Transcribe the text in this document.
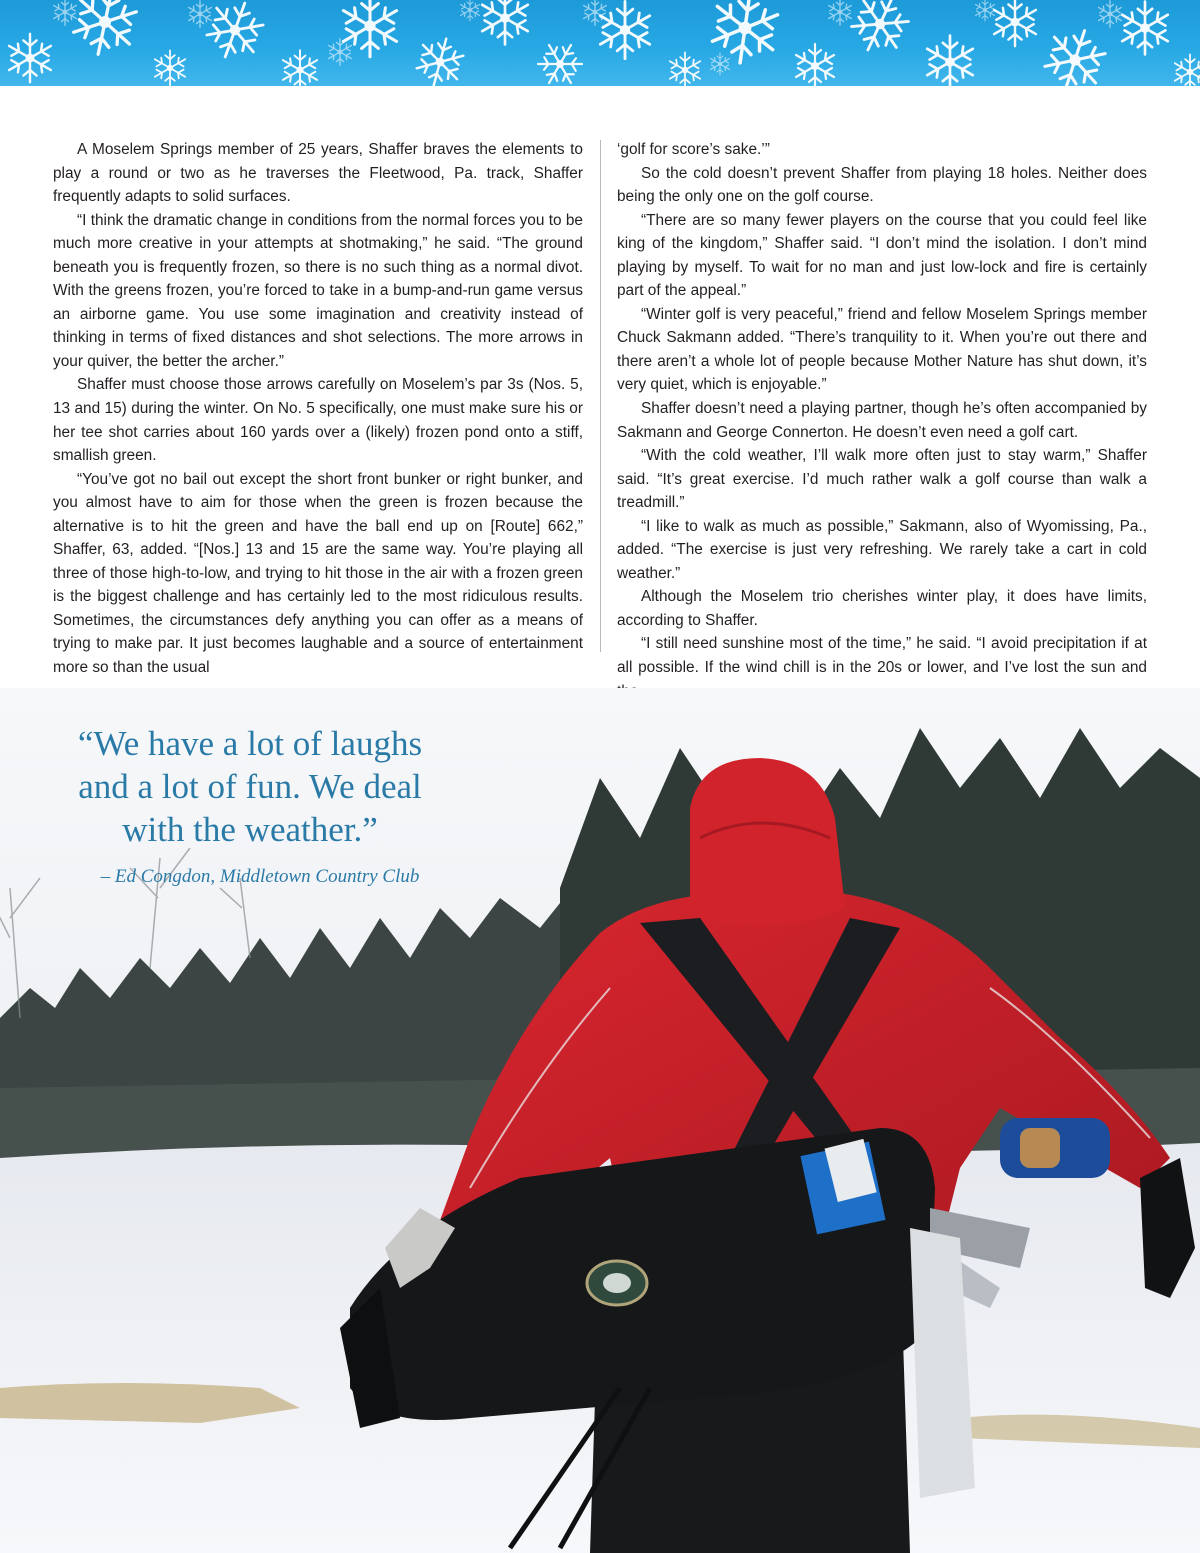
A Moselem Springs member of 25 years, Shaffer braves the elements to play a round or two as he traverses the Fleetwood, Pa. track, Shaffer frequently adapts to solid surfaces.

“I think the dramatic change in conditions from the normal forces you to be much more creative in your attempts at shotmaking,” he said. “The ground beneath you is frequently frozen, so there is no such thing as a normal divot. With the greens frozen, you’re forced to take in a bump-and-run game versus an airborne game. You use some imagination and creativity instead of thinking in terms of fixed distances and shot selections. The more arrows in your quiver, the better the archer.”

Shaffer must choose those arrows carefully on Moselem’s par 3s (Nos. 5, 13 and 15) during the winter. On No. 5 specifically, one must make sure his or her tee shot carries about 160 yards over a (likely) frozen pond onto a stiff, smallish green.

“You’ve got no bail out except the short front bunker or right bunker, and you almost have to aim for those when the green is frozen because the alternative is to hit the green and have the ball end up on [Route] 662,” Shaffer, 63, added. “[Nos.] 13 and 15 are the same way. You’re playing all three of those high-to-low, and trying to hit those in the air with a frozen green is the biggest challenge and has certainly led to the most ridiculous results. Sometimes, the circumstances defy anything you can offer as a means of trying to make par. It just becomes laughable and a source of entertainment more so than the usual

‘golf for score’s sake.’”

So the cold doesn’t prevent Shaffer from playing 18 holes. Neither does being the only one on the golf course.

“There are so many fewer players on the course that you could feel like king of the kingdom,” Shaffer said. “I don’t mind the isolation. I don’t mind playing by myself. To wait for no man and just low-lock and fire is certainly part of the appeal.”

“Winter golf is very peaceful,” friend and fellow Moselem Springs member Chuck Sakmann added. “There’s tranquility to it. When you’re out there and there aren’t a whole lot of people because Mother Nature has shut down, it’s very quiet, which is enjoyable.”

Shaffer doesn’t need a playing partner, though he’s often accompanied by Sakmann and George Connerton. He doesn’t even need a golf cart.

“With the cold weather, I’ll walk more often just to stay warm,” Shaffer said. “It’s great exercise. I’d much rather walk a golf course than walk a treadmill.”

“I like to walk as much as possible,” Sakmann, also of Wyomissing, Pa., added. “The exercise is just very refreshing. We rarely take a cart in cold weather.”

Although the Moselem trio cherishes winter play, it does have limits, according to Shaffer.

“I still need sunshine most of the time,” he said. “I avoid precipitation if at all possible. If the wind chill is in the 20s or lower, and I’ve lost the sun and

“We have a lot of laughs
and a lot of fun. We deal
with the weather.”
– Ed Congdon, Middletown Country Club
